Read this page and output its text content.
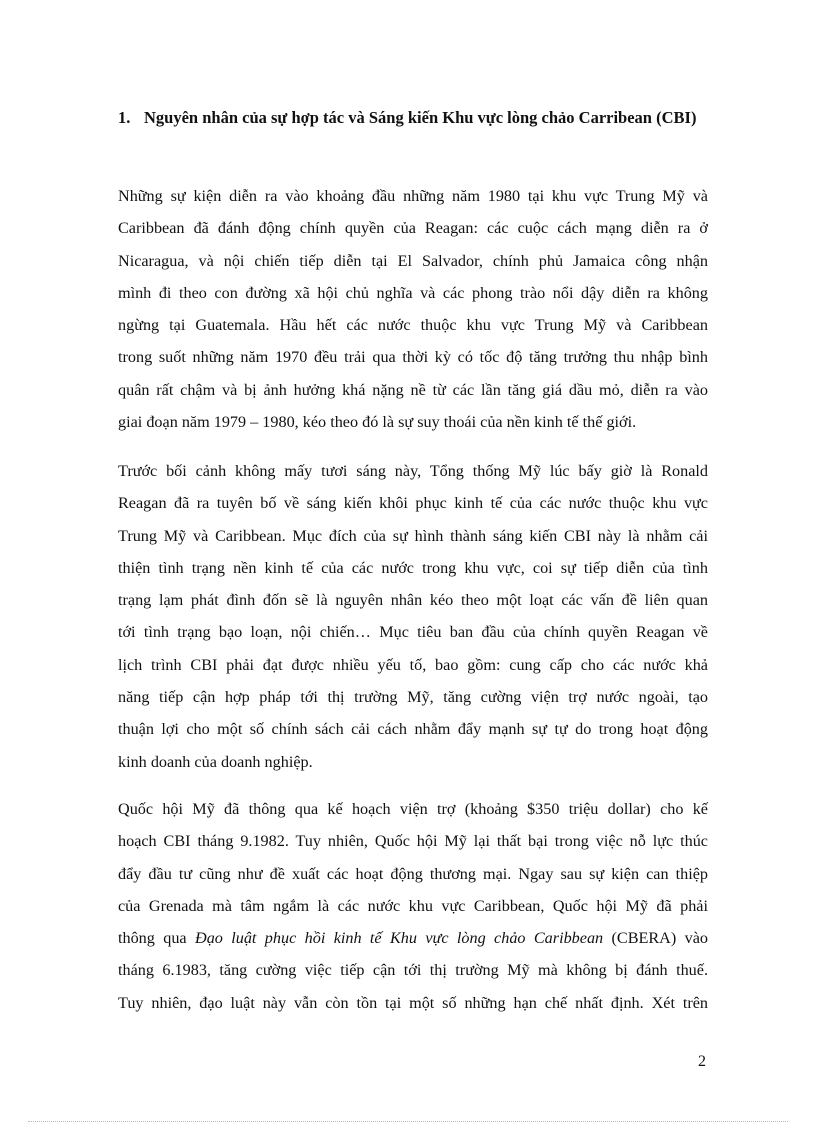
1. Nguyên nhân của sự hợp tác và Sáng kiến Khu vực lòng chảo Carribean (CBI)
Những sự kiện diễn ra vào khoảng đầu những năm 1980 tại khu vực Trung Mỹ và
Caribbean đã đánh động chính quyền của Reagan: các cuộc cách mạng diễn ra ở
Nicaragua, và nội chiến tiếp diễn tại El Salvador, chính phủ Jamaica công nhận
mình đi theo con đường xã hội chủ nghĩa và các phong trào nổi dậy diễn ra không
ngừng tại Guatemala. Hầu hết các nước thuộc khu vực Trung Mỹ và Caribbean
trong suốt những năm 1970 đều trải qua thời kỳ có tốc độ tăng trưởng thu nhập bình
quân rất chậm và bị ảnh hưởng khá nặng nề từ các lần tăng giá dầu mỏ, diễn ra vào
giai đoạn năm 1979 – 1980, kéo theo đó là sự suy thoái của nền kinh tế thế giới.
Trước bối cảnh không mấy tươi sáng này, Tổng thống Mỹ lúc bấy giờ là Ronald
Reagan đã ra tuyên bố về sáng kiến khôi phục kinh tế của các nước thuộc khu vực
Trung Mỹ và Caribbean. Mục đích của sự hình thành sáng kiến CBI này là nhằm cải
thiện tình trạng nền kinh tế của các nước trong khu vực, coi sự tiếp diễn của tình
trạng lạm phát đình đốn sẽ là nguyên nhân kéo theo một loạt các vấn đề liên quan
tới tình trạng bạo loạn, nội chiến… Mục tiêu ban đầu của chính quyền Reagan về
lịch trình CBI phải đạt được nhiều yếu tố, bao gồm: cung cấp cho các nước khả
năng tiếp cận hợp pháp tới thị trường Mỹ, tăng cường viện trợ nước ngoài, tạo
thuận lợi cho một số chính sách cải cách nhằm đẩy mạnh sự tự do trong hoạt động
kinh doanh của doanh nghiệp.
Quốc hội Mỹ đã thông qua kế hoạch viện trợ (khoảng $350 triệu dollar) cho kế
hoạch CBI tháng 9.1982. Tuy nhiên, Quốc hội Mỹ lại thất bại trong việc nỗ lực thúc
đẩy đầu tư cũng như đề xuất các hoạt động thương mại. Ngay sau sự kiện can thiệp
của Grenada mà tâm ngắm là các nước khu vực Caribbean, Quốc hội Mỹ đã phải
thông qua Đạo luật phục hồi kinh tế Khu vực lòng chảo Caribbean (CBERA) vào
tháng 6.1983, tăng cường việc tiếp cận tới thị trường Mỹ mà không bị đánh thuế.
Tuy nhiên, đạo luật này vẫn còn tồn tại một số những hạn chế nhất định. Xét trên
2
